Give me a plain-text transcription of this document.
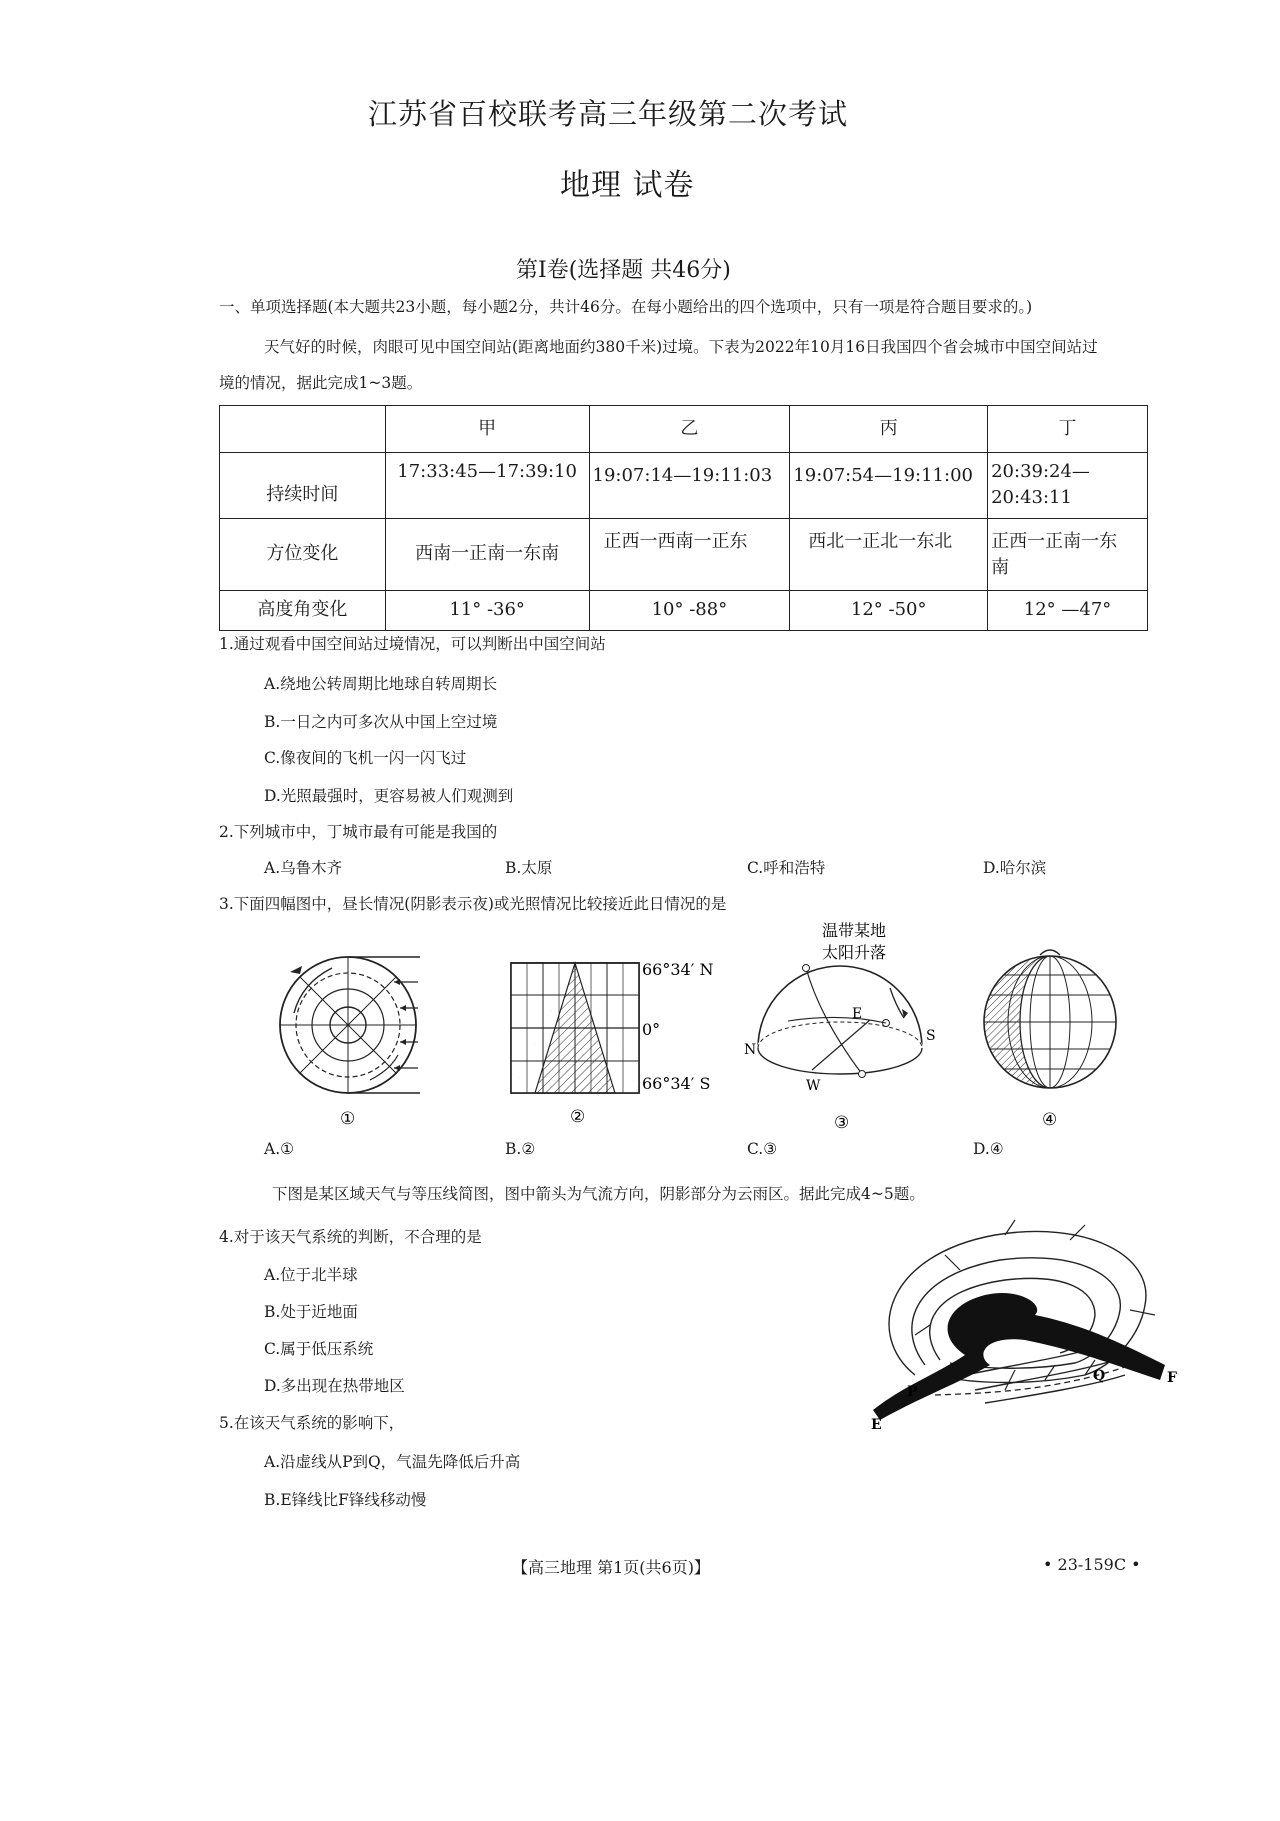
江苏省百校联考高三年级第二次考试
地理 试卷
第Ⅰ卷(选择题 共46分)
一、单项选择题(本大题共23小题，每小题2分，共计46分。在每小题给出的四个选项中，只有一项是符合题目要求的。)
天气好的时候，肉眼可见中国空间站(距离地面约380千米)过境。下表为2022年10月16日我国四个省会城市中国空间站过
境的情况，据此完成1~3题。
	甲	乙	丙	丁
持续时间	17:33:45—17:39:10	19:07:14—19:11:03	19:07:54—19:11:00	20:39:24—
20:43:11
方位变化	西南一正南一东南	正西一西南一正东	西北一正北一东北	正西一正南一东
南
高度角变化	11° -36°	10° -88°	12° -50°	12° —47°
1.通过观看中国空间站过境情况，可以判断出中国空间站
A.绕地公转周期比地球自转周期长
B.一日之内可多次从中国上空过境
C.像夜间的飞机一闪一闪飞过
D.光照最强时，更容易被人们观测到
2.下列城市中，丁城市最有可能是我国的
A.乌鲁木齐	B.太原	C.呼和浩特	D.哈尔滨
3.下面四幅图中，昼长情况(阴影表示夜)或光照情况比较接近此日情况的是
①
66°34′ N
0°
66°34′ S
②
温带某地
太阳升落
E
N
S
W
③	④
A.①	B.②	C.③	D.④
下图是某区域天气与等压线简图，图中箭头为气流方向，阴影部分为云雨区。据此完成4~5题。
4.对于该天气系统的判断，不合理的是
A.位于北半球
B.处于近地面
C.属于低压系统
D.多出现在热带地区	P
Q
E
F
5.在该天气系统的影响下，
A.沿虚线从P到Q，气温先降低后升高
B.E锋线比F锋线移动慢
【高三地理 第1页(共6页)】	• 23-159C •
